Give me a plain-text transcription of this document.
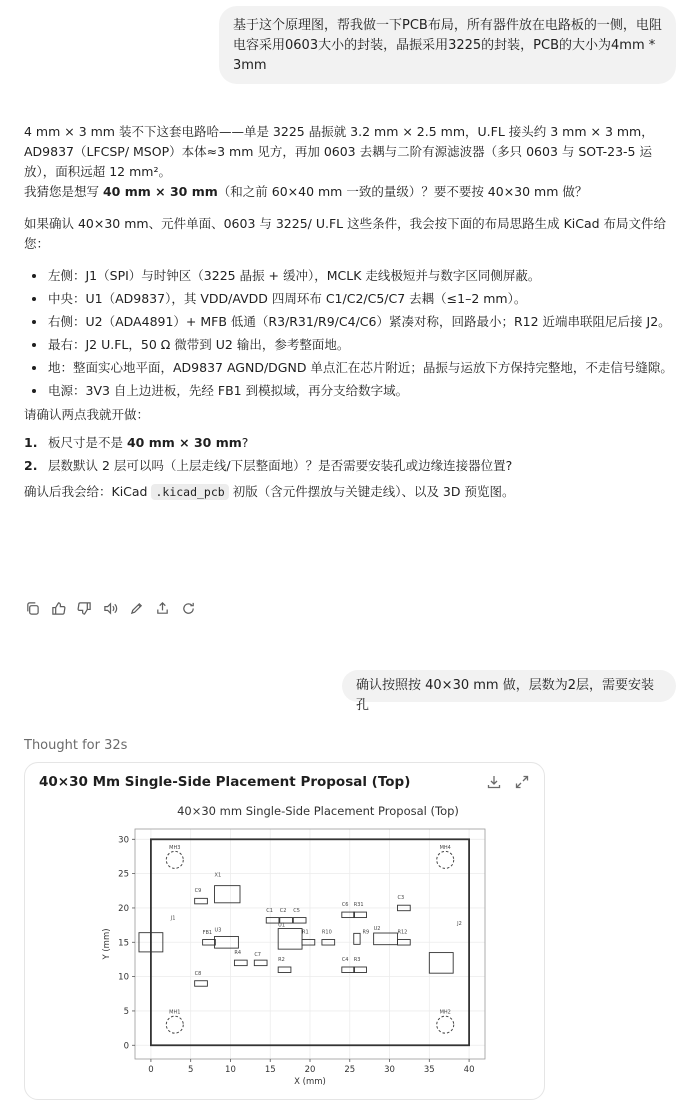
基于这个原理图，帮我做一下PCB布局，所有器件放在电路板的一侧，电阻电容采用0603大小的封装，晶振采用3225的封装，PCB的大小为4mm * 3mm

4 mm × 3 mm 装不下这套电路哈——单是 3225 晶振就 3.2 mm × 2.5 mm，U.FL 接头约 3 mm × 3 mm，AD9837（LFCSP/ MSOP）本体≈3 mm 见方，再加 0603 去耦与二阶有源滤波器（多只 0603 与 SOT-23-5 运放），面积远超 12 mm²。
我猜您是想写 40 mm × 30 mm（和之前 60×40 mm 一致的量级）？要不要按 40×30 mm 做？

如果确认 40×30 mm、元件单面、0603 与 3225/ U.FL 这些条件，我会按下面的布局思路生成 KiCad 布局文件给您：

左侧：J1（SPI）与时钟区（3225 晶振 + 缓冲），MCLK 走线极短并与数字区同侧屏蔽。
中央：U1（AD9837），其 VDD/AVDD 四周环布 C1/C2/C5/C7 去耦（≤1–2 mm）。
右侧：U2（ADA4891）+ MFB 低通（R3/R31/R9/C4/C6）紧凑对称，回路最小；R12 近端串联阻尼后接 J2。
最右：J2 U.FL，50 Ω 微带到 U2 输出，参考整面地。
地：整面实心地平面，AD9837 AGND/DGND 单点汇在芯片附近；晶振与运放下方保持完整地，不走信号缝隙。
电源：3V3 自上边进板，先经 FB1 到模拟域，再分支给数字域。

请确认两点我就开做：

1. 板尺寸是不是 40 mm × 30 mm?
2. 层数默认 2 层可以吗（上层走线/下层整面地）？是否需要安装孔或边缘连接器位置?

确认后我会给：KiCad .kicad_pcb 初版（含元件摆放与关键走线）、以及 3D 预览图。

确认按照按 40×30 mm 做，层数为2层，需要安装孔
Thought for 32s
40×30 Mm Single-Side Placement Proposal (Top)
40×30 mm Single-Side Placement Proposal (Top)
0	5	10	15	20	25	30	35	40
0
5
10
15
20
25
30
X (mm)
Y (mm)
MH3	MH4
MH1	MH2
J1
X1
C9
FB1 U3
C8
R4	C7
R2
C1 C2 C5
U1
R1	R10
C6 R31
R9
U2
C3
R12
C4 R3
J2
